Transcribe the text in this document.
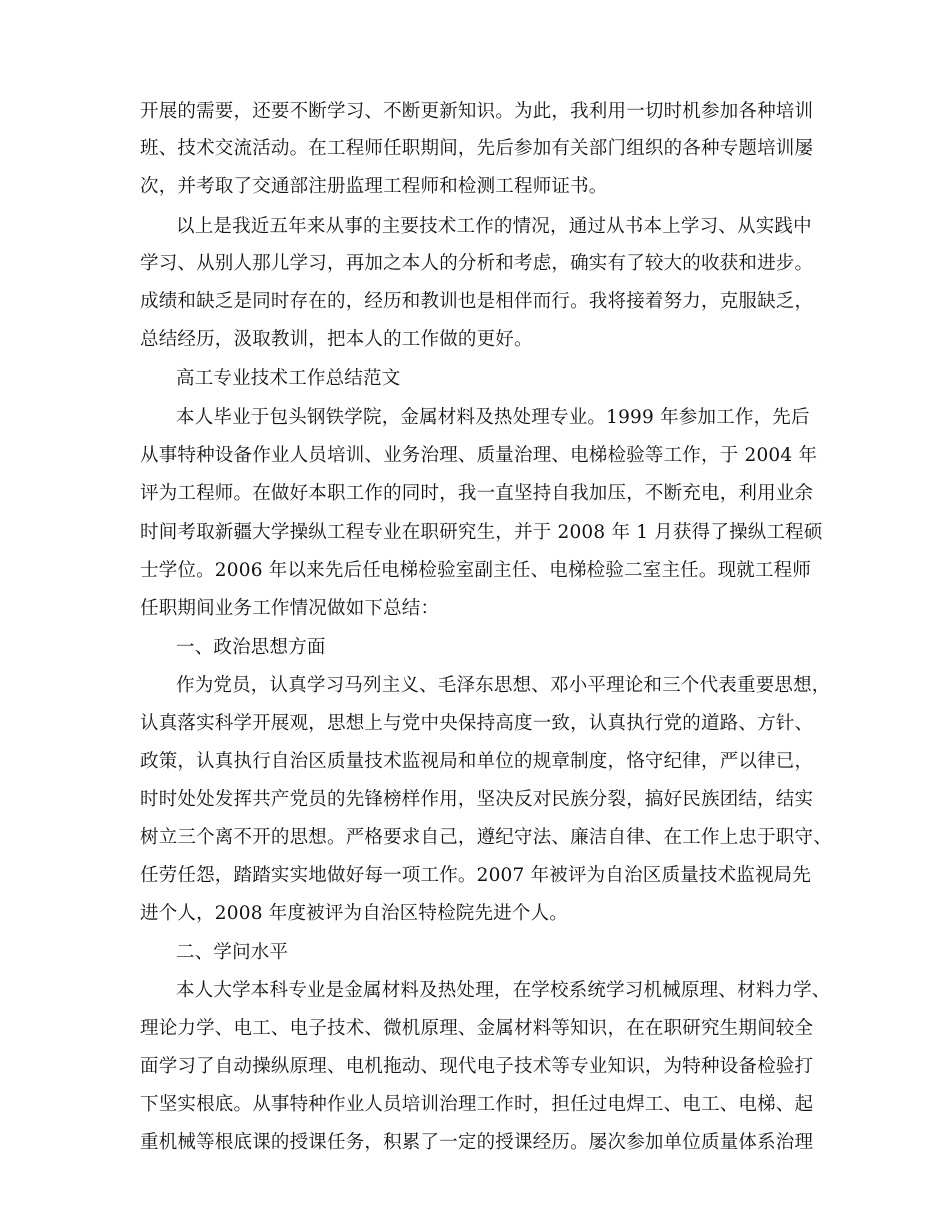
开展的需要，还要不断学习、不断更新知识。为此，我利用一切时机参加各种培训
班、技术交流活动。在工程师任职期间，先后参加有关部门组织的各种专题培训屡
次，并考取了交通部注册监理工程师和检测工程师证书。
以上是我近五年来从事的主要技术工作的情况，通过从书本上学习、从实践中
学习、从别人那儿学习，再加之本人的分析和考虑，确实有了较大的收获和进步。
成绩和缺乏是同时存在的，经历和教训也是相伴而行。我将接着努力，克服缺乏，
总结经历，汲取教训，把本人的工作做的更好。
高工专业技术工作总结范文
本人毕业于包头钢铁学院，金属材料及热处理专业。1999 年参加工作，先后
从事特种设备作业人员培训、业务治理、质量治理、电梯检验等工作，于 2004 年
评为工程师。在做好本职工作的同时，我一直坚持自我加压，不断充电，利用业余
时间考取新疆大学操纵工程专业在职研究生，并于 2008 年 1 月获得了操纵工程硕
士学位。2006 年以来先后任电梯检验室副主任、电梯检验二室主任。现就工程师
任职期间业务工作情况做如下总结：
一、政治思想方面
作为党员，认真学习马列主义、毛泽东思想、邓小平理论和三个代表重要思想，
认真落实科学开展观，思想上与党中央保持高度一致，认真执行党的道路、方针、
政策，认真执行自治区质量技术监视局和单位的规章制度，恪守纪律，严以律已，
时时处处发挥共产党员的先锋榜样作用，坚决反对民族分裂，搞好民族团结，结实
树立三个离不开的思想。严格要求自己，遵纪守法、廉洁自律、在工作上忠于职守、
任劳任怨，踏踏实实地做好每一项工作。2007 年被评为自治区质量技术监视局先
进个人，2008 年度被评为自治区特检院先进个人。
二、学问水平
本人大学本科专业是金属材料及热处理，在学校系统学习机械原理、材料力学、
理论力学、电工、电子技术、微机原理、金属材料等知识，在在职研究生期间较全
面学习了自动操纵原理、电机拖动、现代电子技术等专业知识，为特种设备检验打
下坚实根底。从事特种作业人员培训治理工作时，担任过电焊工、电工、电梯、起
重机械等根底课的授课任务，积累了一定的授课经历。屡次参加单位质量体系治理
